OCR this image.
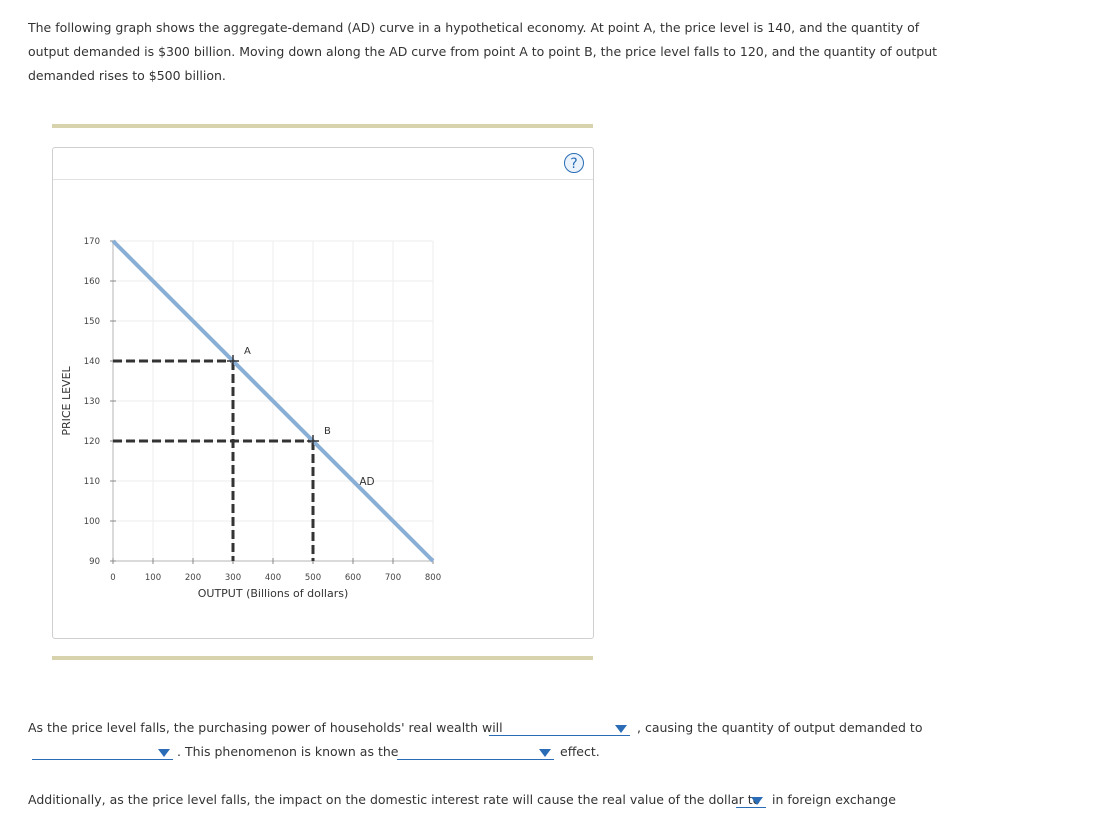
The following graph shows the aggregate-demand (AD) curve in a hypothetical economy. At point A, the price level is 140, and the quantity of output demanded is $300 billion. Moving down along the AD curve from point A to point B, the price level falls to 120, and the quantity of output demanded rises to $500 billion.

?
90
100
110
120
130
140
150
160
170
0	100	200	300	400	500	600	700	800
OUTPUT (Billions of dollars)
PRICE LEVEL
A
B
AD
As the price level falls, the purchasing power of households' real wealth will	, causing the quantity of output demanded to
. This phenomenon is known as the	effect.
Additionally, as the price level falls, the impact on the domestic interest rate will cause the real value of the dollar to in foreign exchange
